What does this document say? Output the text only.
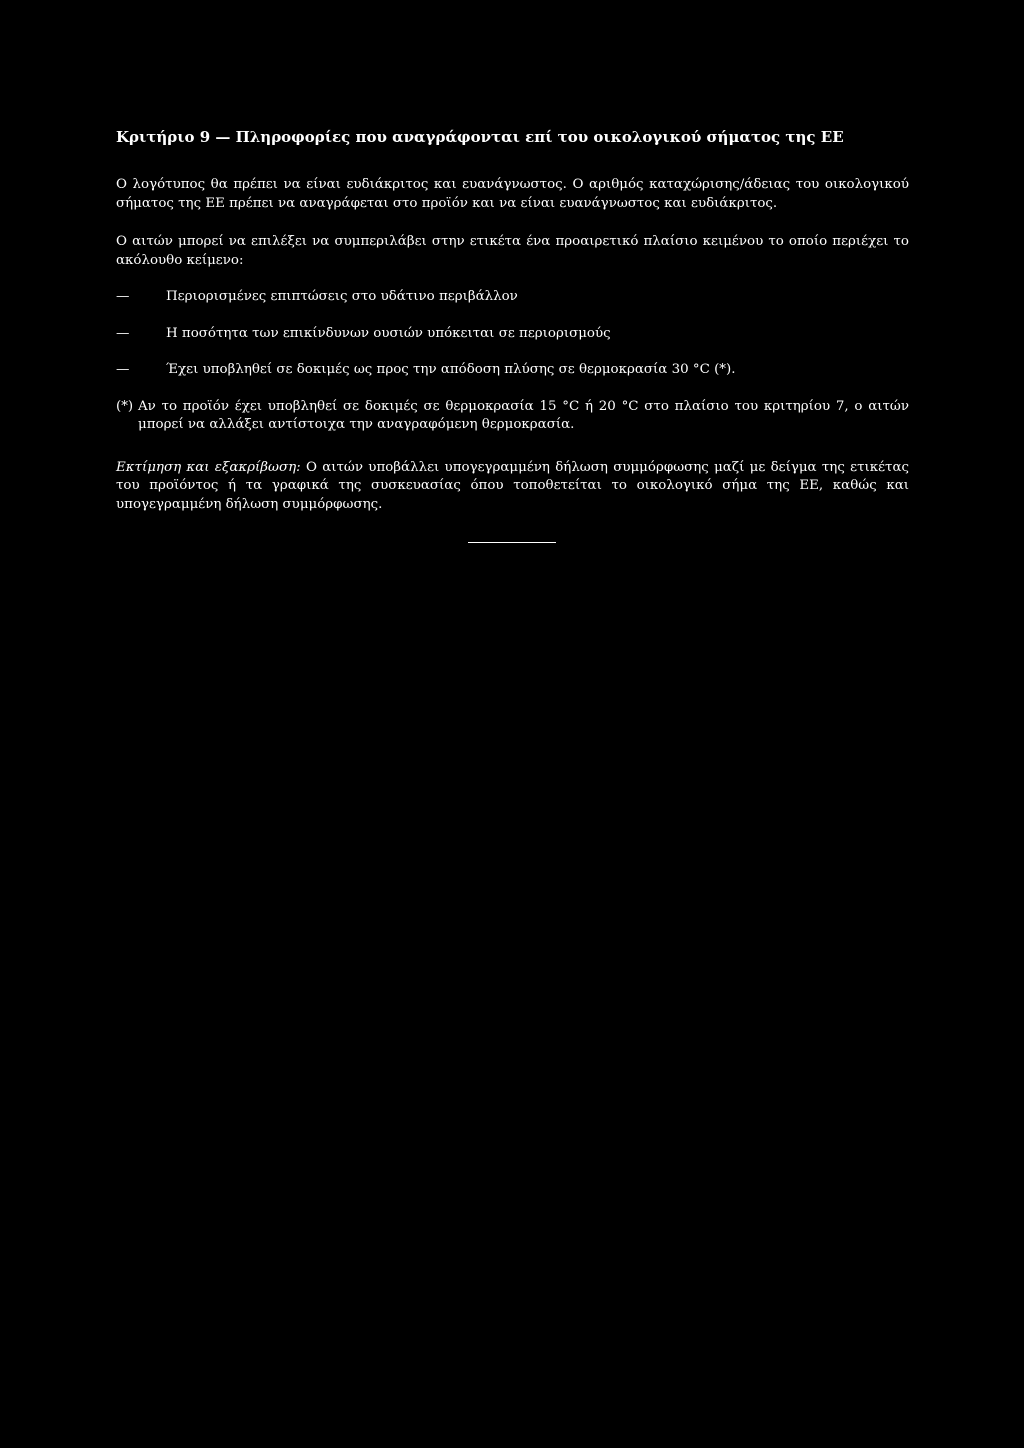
Κριτήριο 9 — Πληροφορίες που αναγράφονται επί του οικολογικού σήματος της ΕΕ

Ο λογότυπος θα πρέπει να είναι ευδιάκριτος και ευανάγνωστος. Ο αριθμός καταχώρισης/άδειας του οικολογικού σήματος της ΕΕ πρέπει να αναγράφεται στο προϊόν και να είναι ευανάγνωστος και ευδιάκριτος.

Ο αιτών μπορεί να επιλέξει να συμπεριλάβει στην ετικέτα ένα προαιρετικό πλαίσιο κειμένου το οποίο περιέχει το ακόλουθο κείμενο:

—	Περιορισμένες επιπτώσεις στο υδάτινο περιβάλλον
—	Η ποσότητα των επικίνδυνων ουσιών υπόκειται σε περιορισμούς
—	Έχει υποβληθεί σε δοκιμές ως προς την απόδοση πλύσης σε θερμοκρασία 30 °C (*).
(*) Αν το προϊόν έχει υποβληθεί σε δοκιμές σε θερμοκρασία 15 °C ή 20 °C στο πλαίσιο του κριτηρίου 7, ο αιτών μπορεί να αλλάξει αντίστοιχα την αναγραφόμενη θερμοκρασία.

Εκτίμηση και εξακρίβωση: Ο αιτών υποβάλλει υπογεγραμμένη δήλωση συμμόρφωσης μαζί με δείγμα της ετικέτας του προϊόντος ή τα γραφικά της συσκευασίας όπου τοποθετείται το οικολογικό σήμα της ΕΕ, καθώς και υπογεγραμμένη δήλωση συμμόρφωσης.
